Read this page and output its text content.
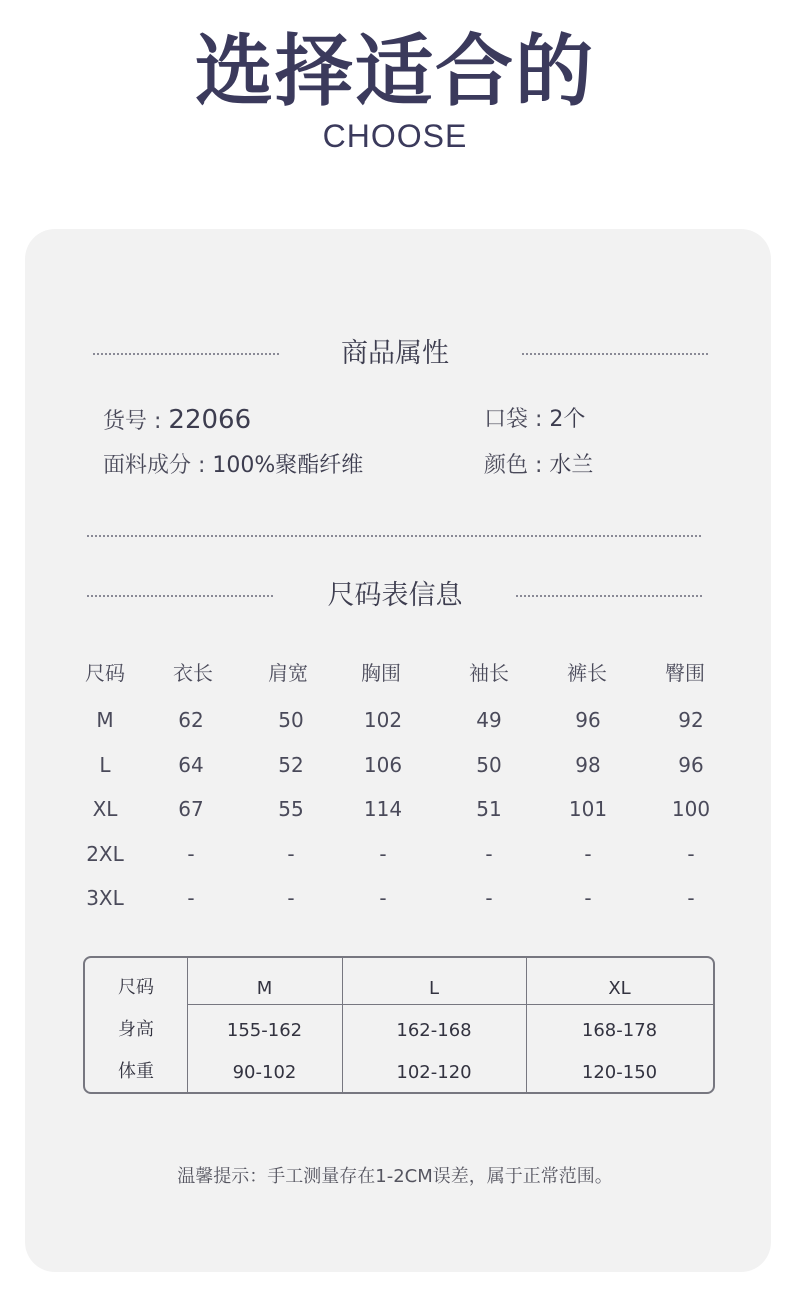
选择适合的
CHOOSE
商品属性
货号 : 22066	口袋 : 2个
面料成分 : 100%聚酯纤维	颜色 : 水兰
尺码表信息
尺码	衣长	肩宽	胸围	袖长	裤长	臀围
M	62	50	102	49	96	92
L	64	52	106	50	98	96
XL	67	55	114	51	101	100
2XL	-	-	-	-	-	-
3XL	-	-	-	-	-	-
尺码	M	L	XL
身高	155-162	162-168	168-178
体重	90-102	102-120	120-150
温馨提示：手工测量存在1-2CM误差，属于正常范围。
